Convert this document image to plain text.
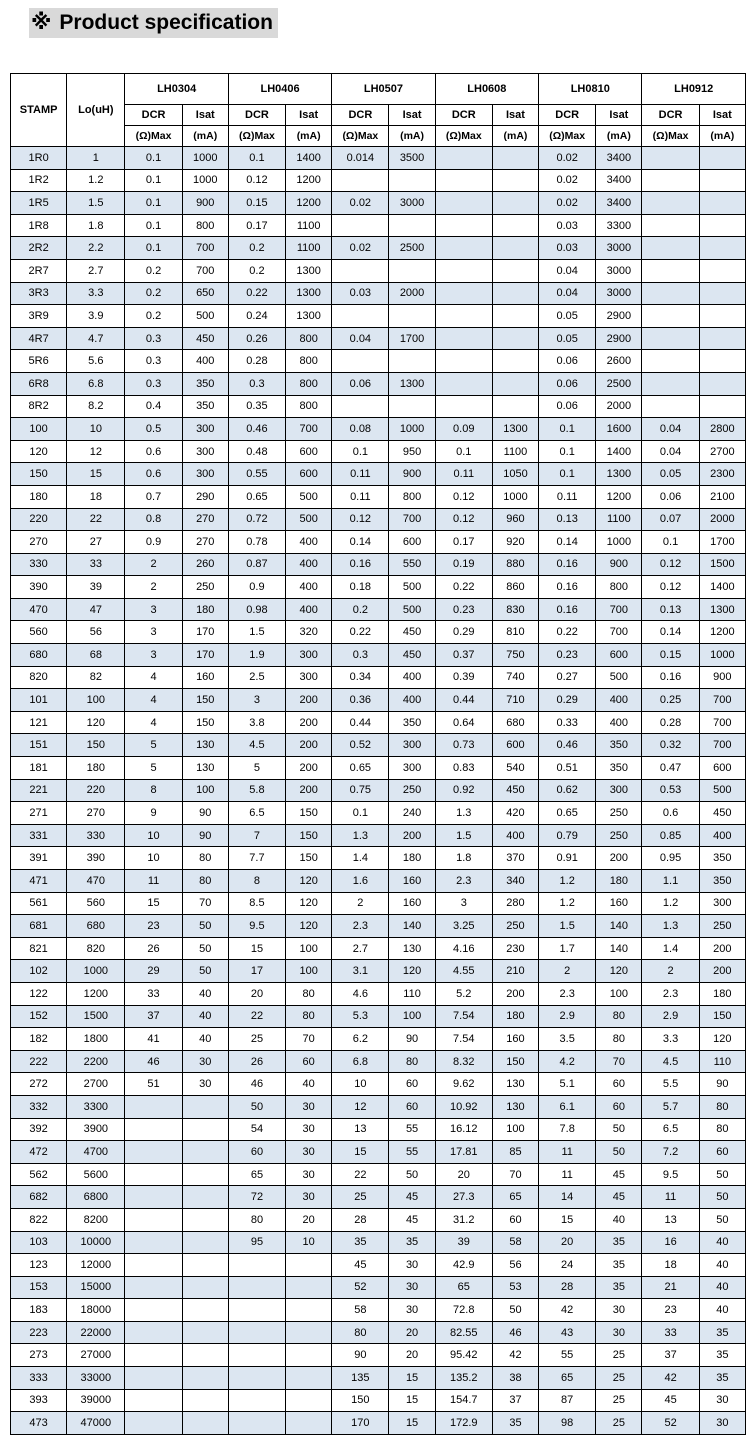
※ Product specification
STAMP	Lo(uH)	LH0304		LH0406		LH0507		LH0608		LH0810		LH0912	
		DCR	Isat	DCR	Isat	DCR	Isat	DCR	Isat	DCR	Isat	DCR	Isat
		(Ω)Max	(mA)	(Ω)Max	(mA)	(Ω)Max	(mA)	(Ω)Max	(mA)	(Ω)Max	(mA)	(Ω)Max	(mA)
1R0	1	0.1	1000	0.1	1400	0.014	3500			0.02	3400		
1R2	1.2	0.1	1000	0.12	1200					0.02	3400		
1R5	1.5	0.1	900	0.15	1200	0.02	3000			0.02	3400		
1R8	1.8	0.1	800	0.17	1100					0.03	3300		
2R2	2.2	0.1	700	0.2	1100	0.02	2500			0.03	3000		
2R7	2.7	0.2	700	0.2	1300					0.04	3000		
3R3	3.3	0.2	650	0.22	1300	0.03	2000			0.04	3000		
3R9	3.9	0.2	500	0.24	1300					0.05	2900		
4R7	4.7	0.3	450	0.26	800	0.04	1700			0.05	2900		
5R6	5.6	0.3	400	0.28	800					0.06	2600		
6R8	6.8	0.3	350	0.3	800	0.06	1300			0.06	2500		
8R2	8.2	0.4	350	0.35	800					0.06	2000		
100	10	0.5	300	0.46	700	0.08	1000	0.09	1300	0.1	1600	0.04	2800
120	12	0.6	300	0.48	600	0.1	950	0.1	1100	0.1	1400	0.04	2700
150	15	0.6	300	0.55	600	0.11	900	0.11	1050	0.1	1300	0.05	2300
180	18	0.7	290	0.65	500	0.11	800	0.12	1000	0.11	1200	0.06	2100
220	22	0.8	270	0.72	500	0.12	700	0.12	960	0.13	1100	0.07	2000
270	27	0.9	270	0.78	400	0.14	600	0.17	920	0.14	1000	0.1	1700
330	33	2	260	0.87	400	0.16	550	0.19	880	0.16	900	0.12	1500
390	39	2	250	0.9	400	0.18	500	0.22	860	0.16	800	0.12	1400
470	47	3	180	0.98	400	0.2	500	0.23	830	0.16	700	0.13	1300
560	56	3	170	1.5	320	0.22	450	0.29	810	0.22	700	0.14	1200
680	68	3	170	1.9	300	0.3	450	0.37	750	0.23	600	0.15	1000
820	82	4	160	2.5	300	0.34	400	0.39	740	0.27	500	0.16	900
101	100	4	150	3	200	0.36	400	0.44	710	0.29	400	0.25	700
121	120	4	150	3.8	200	0.44	350	0.64	680	0.33	400	0.28	700
151	150	5	130	4.5	200	0.52	300	0.73	600	0.46	350	0.32	700
181	180	5	130	5	200	0.65	300	0.83	540	0.51	350	0.47	600
221	220	8	100	5.8	200	0.75	250	0.92	450	0.62	300	0.53	500
271	270	9	90	6.5	150	0.1	240	1.3	420	0.65	250	0.6	450
331	330	10	90	7	150	1.3	200	1.5	400	0.79	250	0.85	400
391	390	10	80	7.7	150	1.4	180	1.8	370	0.91	200	0.95	350
471	470	11	80	8	120	1.6	160	2.3	340	1.2	180	1.1	350
561	560	15	70	8.5	120	2	160	3	280	1.2	160	1.2	300
681	680	23	50	9.5	120	2.3	140	3.25	250	1.5	140	1.3	250
821	820	26	50	15	100	2.7	130	4.16	230	1.7	140	1.4	200
102	1000	29	50	17	100	3.1	120	4.55	210	2	120	2	200
122	1200	33	40	20	80	4.6	110	5.2	200	2.3	100	2.3	180
152	1500	37	40	22	80	5.3	100	7.54	180	2.9	80	2.9	150
182	1800	41	40	25	70	6.2	90	7.54	160	3.5	80	3.3	120
222	2200	46	30	26	60	6.8	80	8.32	150	4.2	70	4.5	110
272	2700	51	30	46	40	10	60	9.62	130	5.1	60	5.5	90
332	3300			50	30	12	60	10.92	130	6.1	60	5.7	80
392	3900			54	30	13	55	16.12	100	7.8	50	6.5	80
472	4700			60	30	15	55	17.81	85	11	50	7.2	60
562	5600			65	30	22	50	20	70	11	45	9.5	50
682	6800			72	30	25	45	27.3	65	14	45	11	50
822	8200			80	20	28	45	31.2	60	15	40	13	50
103	10000			95	10	35	35	39	58	20	35	16	40
123	12000					45	30	42.9	56	24	35	18	40
153	15000					52	30	65	53	28	35	21	40
183	18000					58	30	72.8	50	42	30	23	40
223	22000					80	20	82.55	46	43	30	33	35
273	27000					90	20	95.42	42	55	25	37	35
333	33000					135	15	135.2	38	65	25	42	35
393	39000					150	15	154.7	37	87	25	45	30
473	47000					170	15	172.9	35	98	25	52	30
